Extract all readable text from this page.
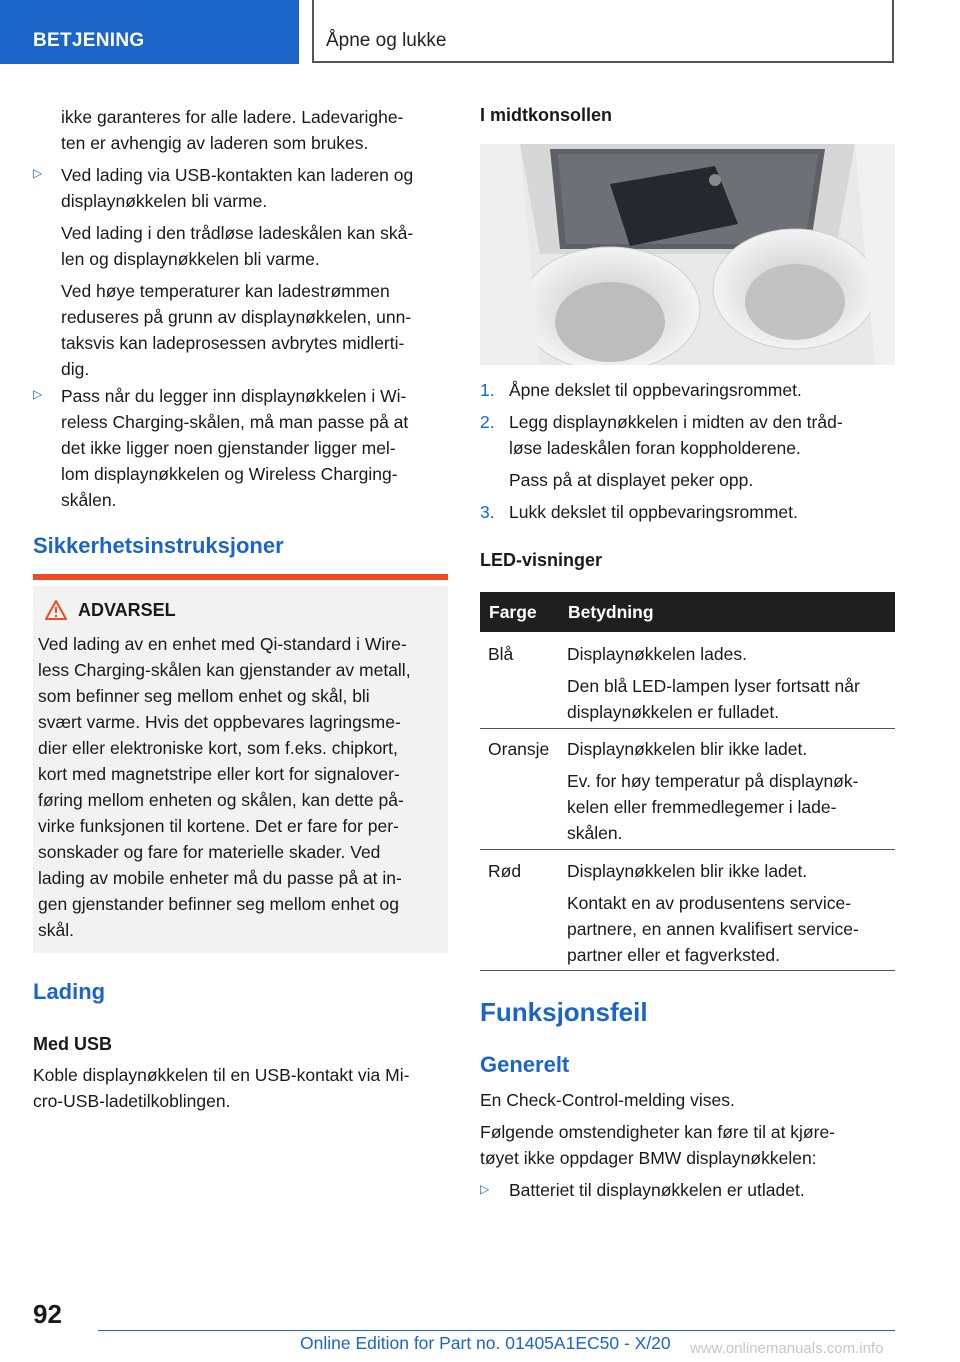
BETJENING	Åpne og lukke
ikke garanteres for alle ladere. Ladevarighe-
ten er avhengig av laderen som brukes.
▷ Ved lading via USB-kontakten kan laderen og
displaynøkkelen bli varme.
Ved lading i den trådløse ladeskålen kan skå-
len og displaynøkkelen bli varme.
Ved høye temperaturer kan ladestrømmen
reduseres på grunn av displaynøkkelen, unn-
taksvis kan ladeprosessen avbrytes midlerti-
dig.
▷ Pass når du legger inn displaynøkkelen i Wi-
reless Charging-skålen, må man passe på at
det ikke ligger noen gjenstander ligger mel-
lom displaynøkkelen og Wireless Charging-
skålen.
Sikkerhetsinstruksjoner
ADVARSEL
Ved lading av en enhet med Qi-standard i Wire-
less Charging-skålen kan gjenstander av metall,
som befinner seg mellom enhet og skål, bli
svært varme. Hvis det oppbevares lagringsme-
dier eller elektroniske kort, som f.eks. chipkort,
kort med magnetstripe eller kort for signalover-
føring mellom enheten og skålen, kan dette på-
virke funksjonen til kortene. Det er fare for per-
sonskader og fare for materielle skader. Ved
lading av mobile enheter må du passe på at in-
gen gjenstander befinner seg mellom enhet og
skål.
Lading
Med USB
Koble displaynøkkelen til en USB-kontakt via Mi-
cro-USB-ladetilkoblingen.
I midtkonsollen
1. Åpne dekslet til oppbevaringsrommet.
2. Legg displaynøkkelen i midten av den tråd-
løse ladeskålen foran koppholderene.
Pass på at displayet peker opp.
3. Lukk dekslet til oppbevaringsrommet.
LED-visninger
Farge Betydning
Blå	Displaynøkkelen lades.
Den blå LED-lampen lyser fortsatt når
displaynøkkelen er fulladet.
Oransje Displaynøkkelen blir ikke ladet.
Ev. for høy temperatur på displaynøk-
kelen eller fremmedlegemer i lade-
skålen.
Rød	Displaynøkkelen blir ikke ladet.
Kontakt en av produsentens service-
partnere, en annen kvalifisert service-
partner eller et fagverksted.
Funksjonsfeil
Generelt
En Check-Control-melding vises.
Følgende omstendigheter kan føre til at kjøre-
tøyet ikke oppdager BMW displaynøkkelen:
▷ Batteriet til displaynøkkelen er utladet.
92
Online Edition for Part no. 01405A1EC50 - X/20 www.onlinemanuals.com.info
